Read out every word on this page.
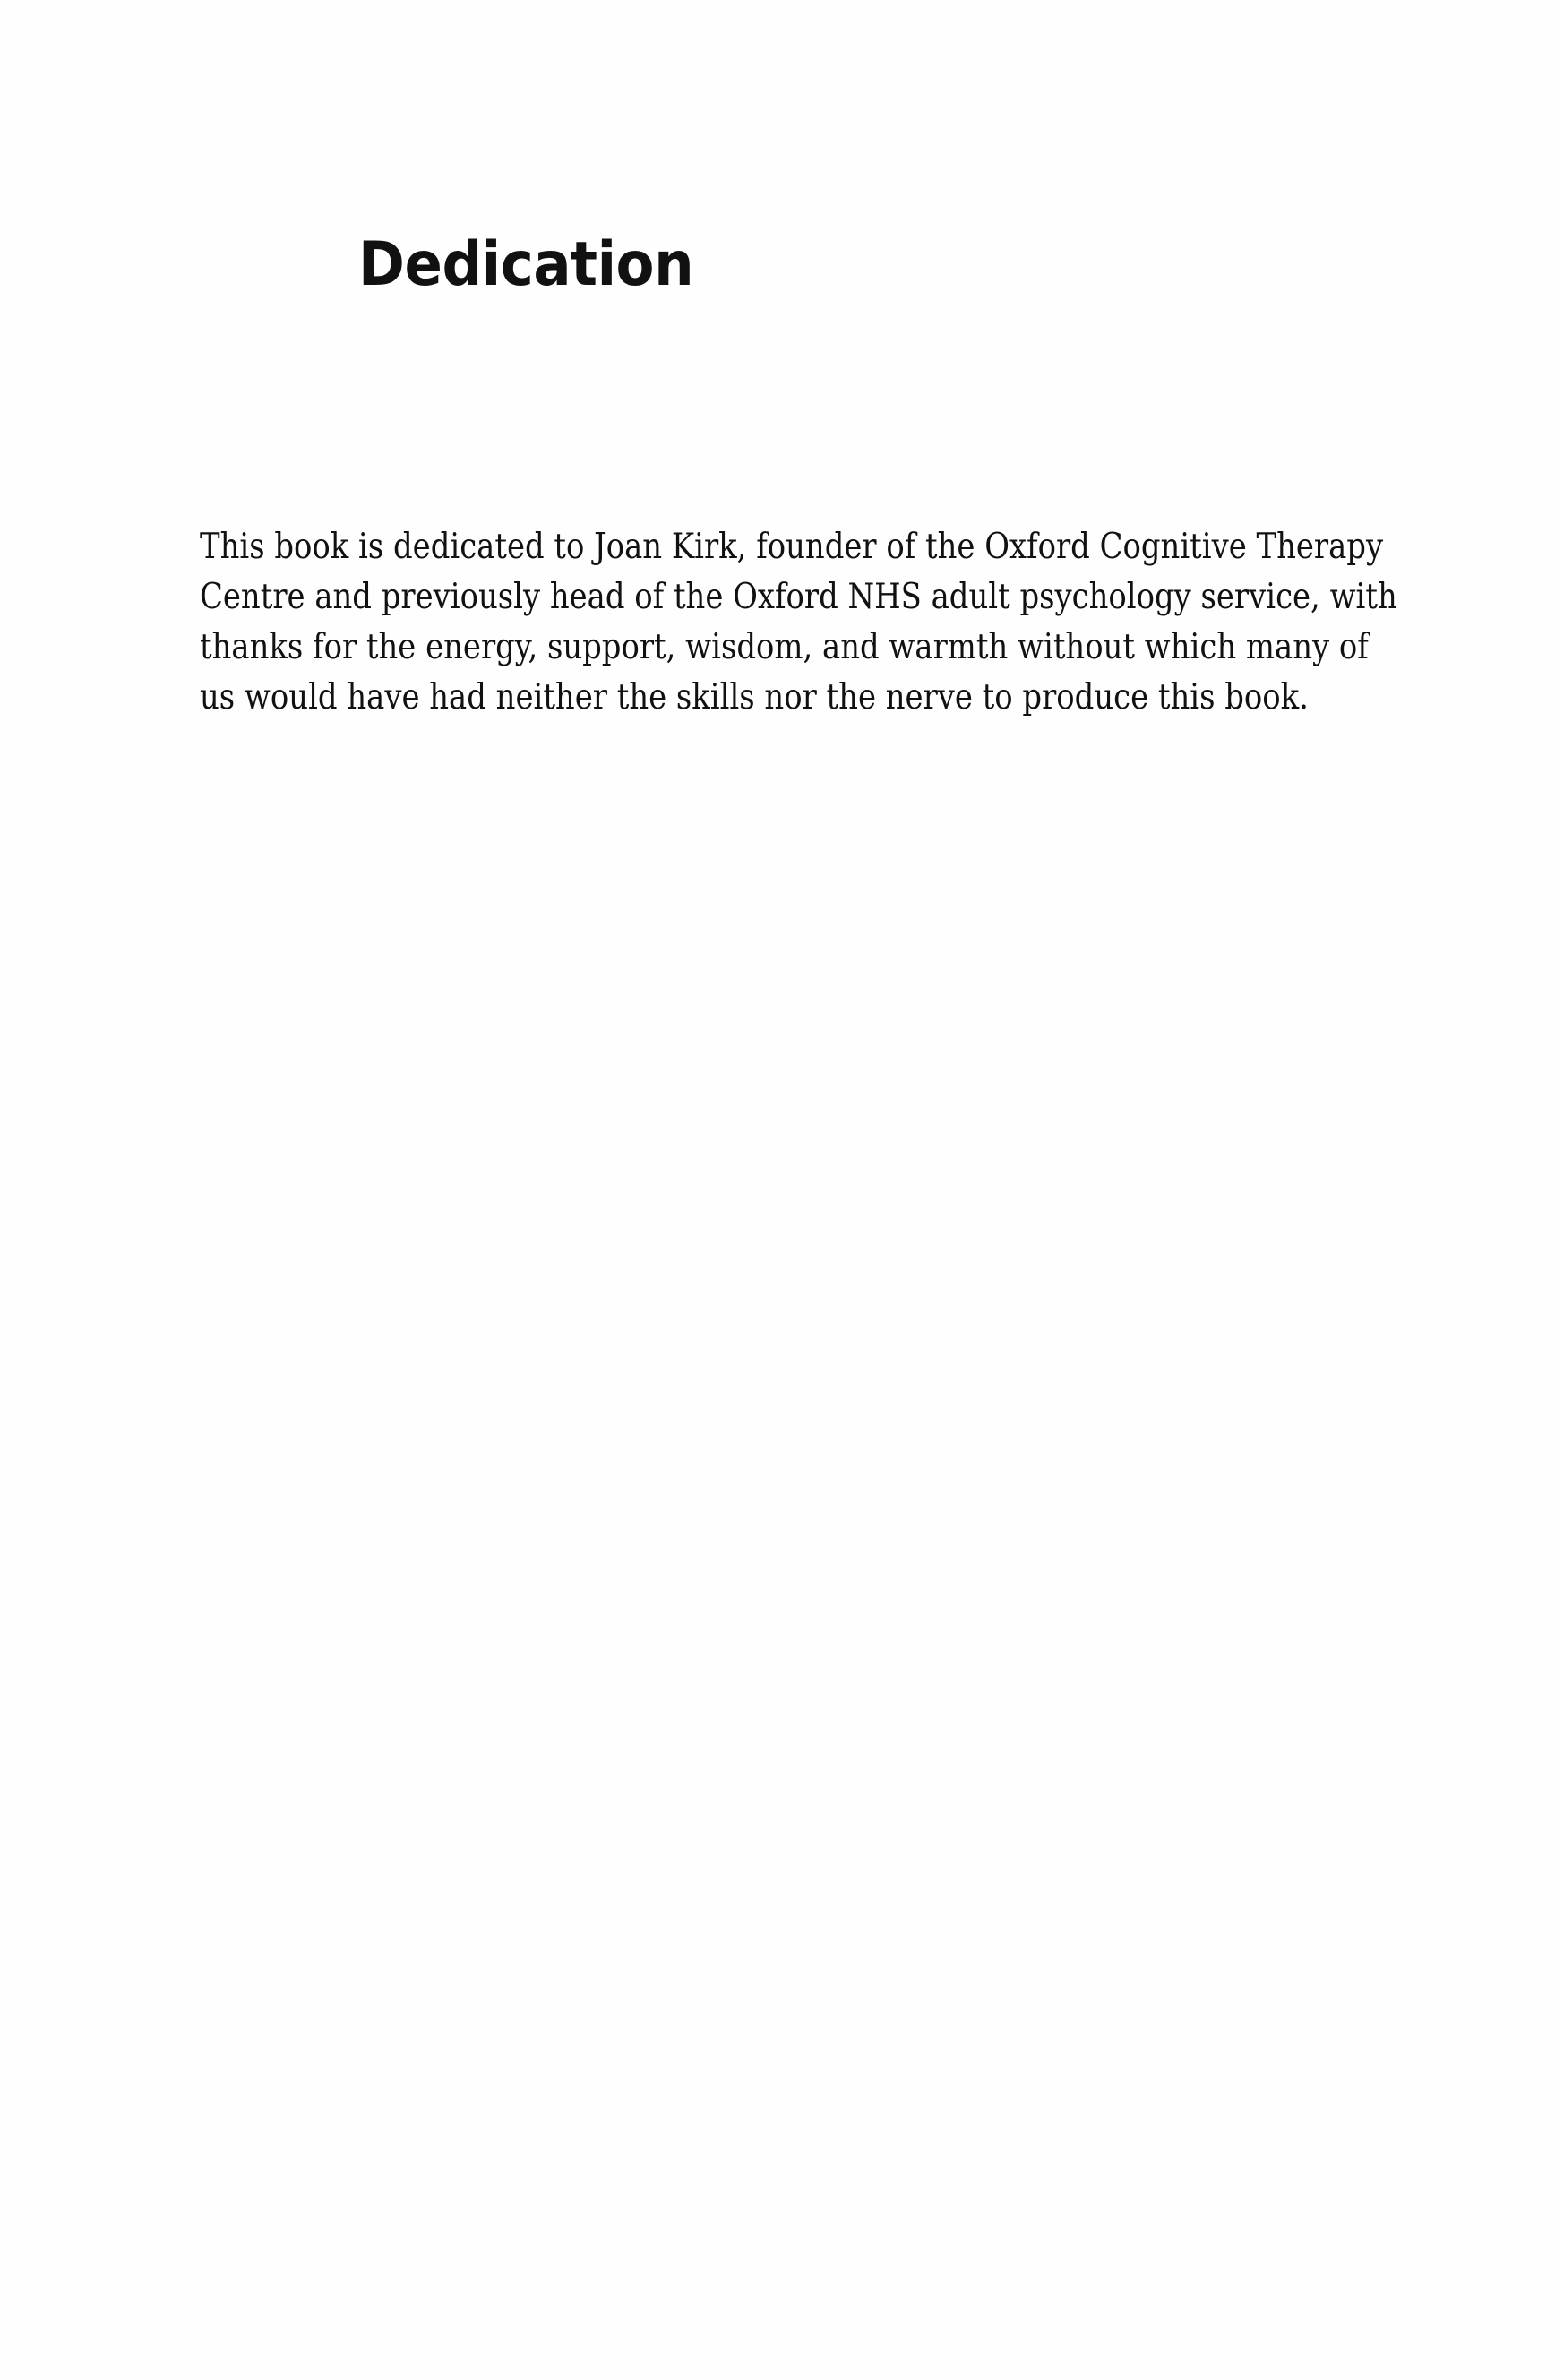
Dedication

This book is dedicated to Joan Kirk, founder of the Oxford Cognitive Therapy
Centre and previously head of the Oxford NHS adult psychology service, with
thanks for the energy, support, wisdom, and warmth without which many of
us would have had neither the skills nor the nerve to produce this book.
